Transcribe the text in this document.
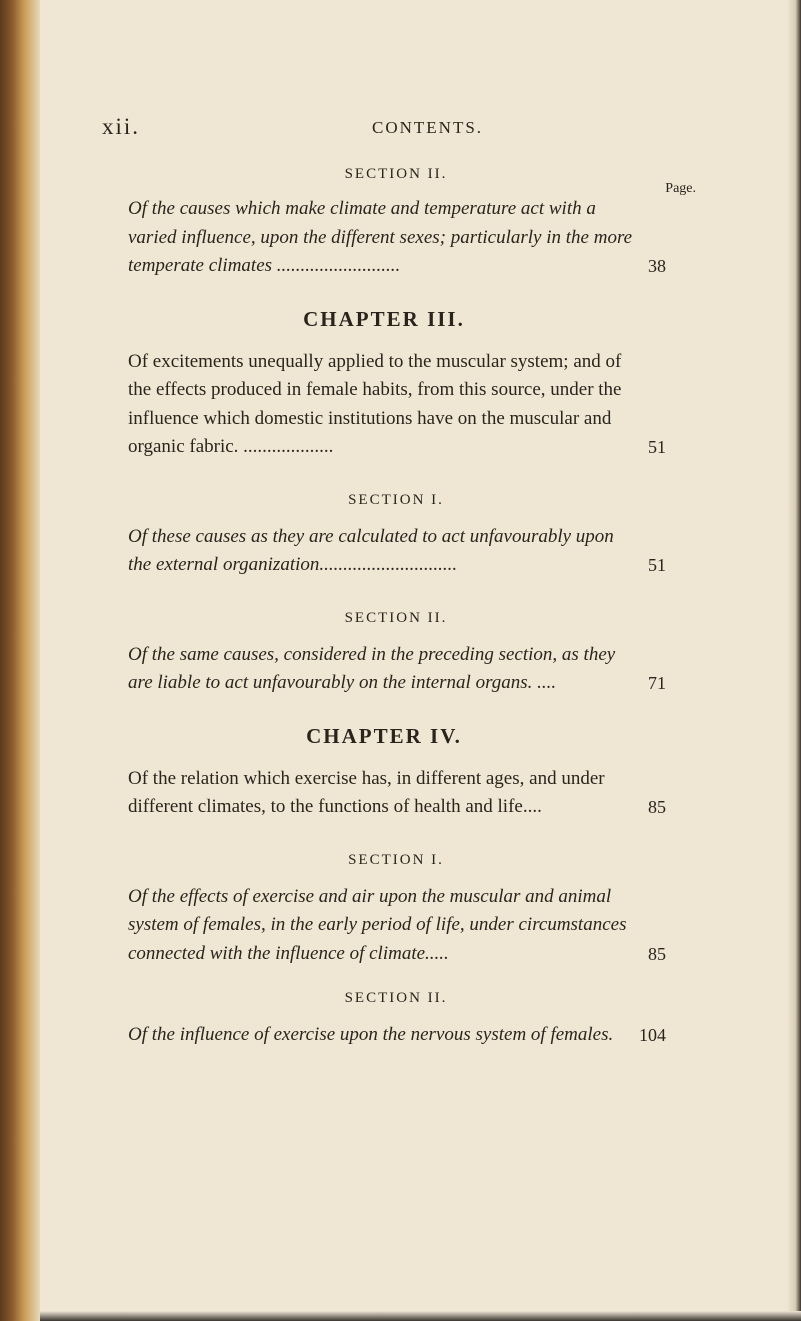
xii.	CONTENTS.
SECTION II.
Page.
Of the causes which make climate and temperature act with a varied influence, upon the different sexes; particularly in the more temperate climates ..........................	38
CHAPTER III.
Of excitements unequally applied to the muscular system; and of the effects produced in female habits, from this source, under the influence which domestic institutions have on the muscular and organic fabric. ...................	51
SECTION I.
Of these causes as they are calculated to act unfavourably upon the external organization.............................	51
SECTION II.
Of the same causes, considered in the preceding section, as they are liable to act unfavourably on the internal organs. ....	71
CHAPTER IV.
Of the relation which exercise has, in different ages, and under different climates, to the functions of health and life....	85
SECTION I.
Of the effects of exercise and air upon the muscular and animal system of females, in the early period of life, under circumstances connected with the influence of climate.....	85
SECTION II.
Of the influence of exercise upon the nervous system of females.	104
